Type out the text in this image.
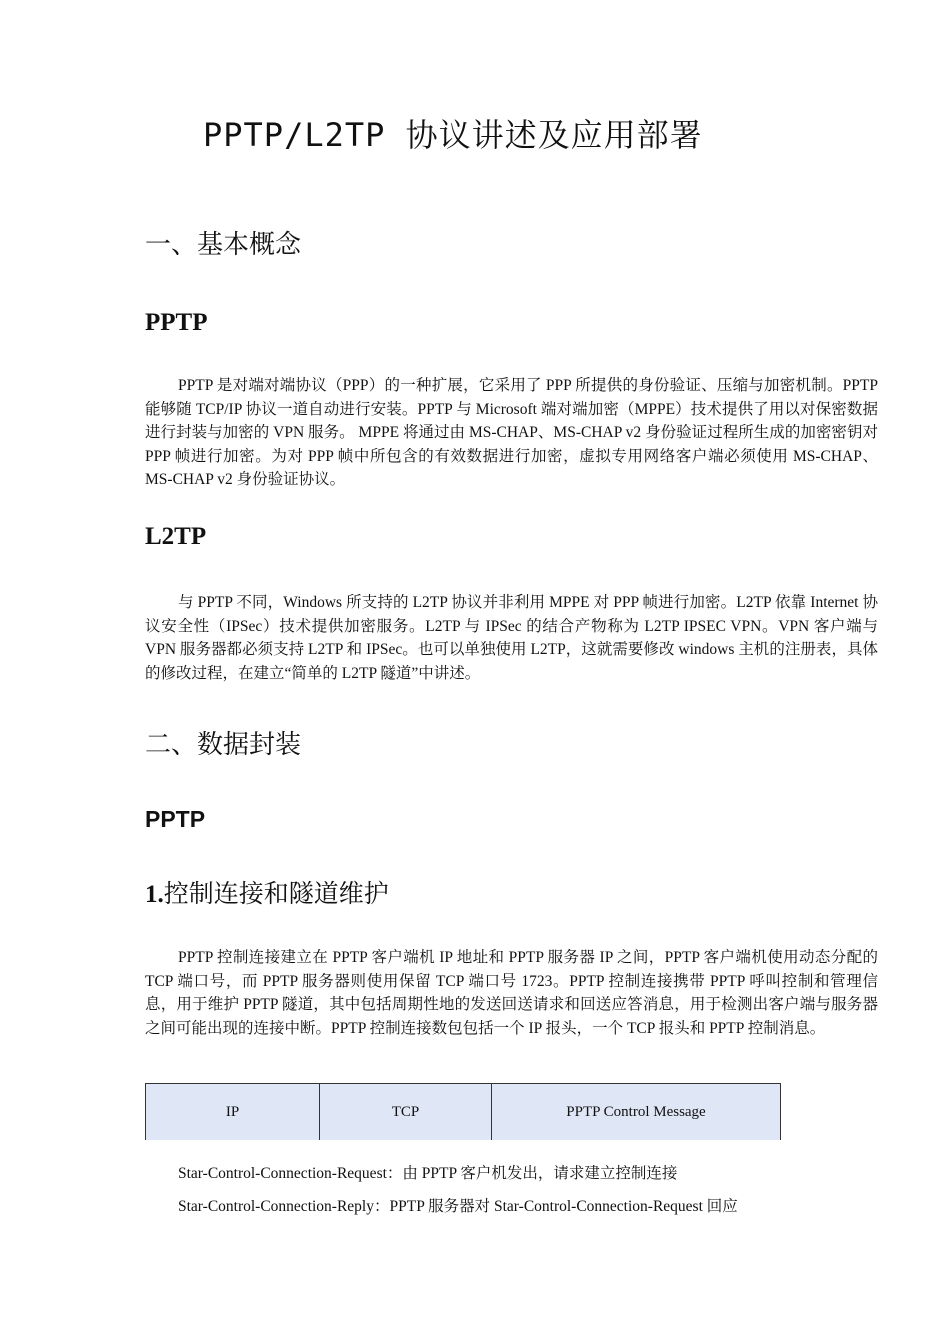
PPTP/L2TP 协议讲述及应用部署
一、基本概念
PPTP

PPTP 是对端对端协议（PPP）的一种扩展，它采用了 PPP 所提供的身份验证、压缩与加密机制。PPTP 能够随 TCP/IP 协议一道自动进行安装。PPTP 与 Microsoft 端对端加密（MPPE）技术提供了用以对保密数据进行封装与加密的 VPN 服务。 MPPE 将通过由 MS-CHAP、MS-CHAP v2 身份验证过程所生成的加密密钥对 PPP 帧进行加密。为对 PPP 帧中所包含的有效数据进行加密，虚拟专用网络客户端必须使用 MS-CHAP、MS-CHAP v2 身份验证协议。

L2TP

与 PPTP 不同，Windows 所支持的 L2TP 协议并非利用 MPPE 对 PPP 帧进行加密。L2TP 依靠 Internet 协议安全性（IPSec）技术提供加密服务。L2TP 与 IPSec 的结合产物称为 L2TP IPSEC VPN。VPN 客户端与 VPN 服务器都必须支持 L2TP 和 IPSec。也可以单独使用 L2TP，这就需要修改 windows 主机的注册表，具体的修改过程，在建立“简单的 L2TP 隧道”中讲述。

二、数据封装
PPTP
1.控制连接和隧道维护

PPTP 控制连接建立在 PPTP 客户端机 IP 地址和 PPTP 服务器 IP 之间，PPTP 客户端机使用动态分配的 TCP 端口号，而 PPTP 服务器则使用保留 TCP 端口号 1723。PPTP 控制连接携带 PPTP 呼叫控制和管理信息，用于维护 PPTP 隧道，其中包括周期性地的发送回送请求和回送应答消息，用于检测出客户端与服务器之间可能出现的连接中断。PPTP 控制连接数包包括一个 IP 报头，一个 TCP 报头和 PPTP 控制消息。

IP	TCP	PPTP Control Message

Star-Control-Connection-Request：由 PPTP 客户机发出，请求建立控制连接

Star-Control-Connection-Reply：PPTP 服务器对 Star-Control-Connection-Request 回应
